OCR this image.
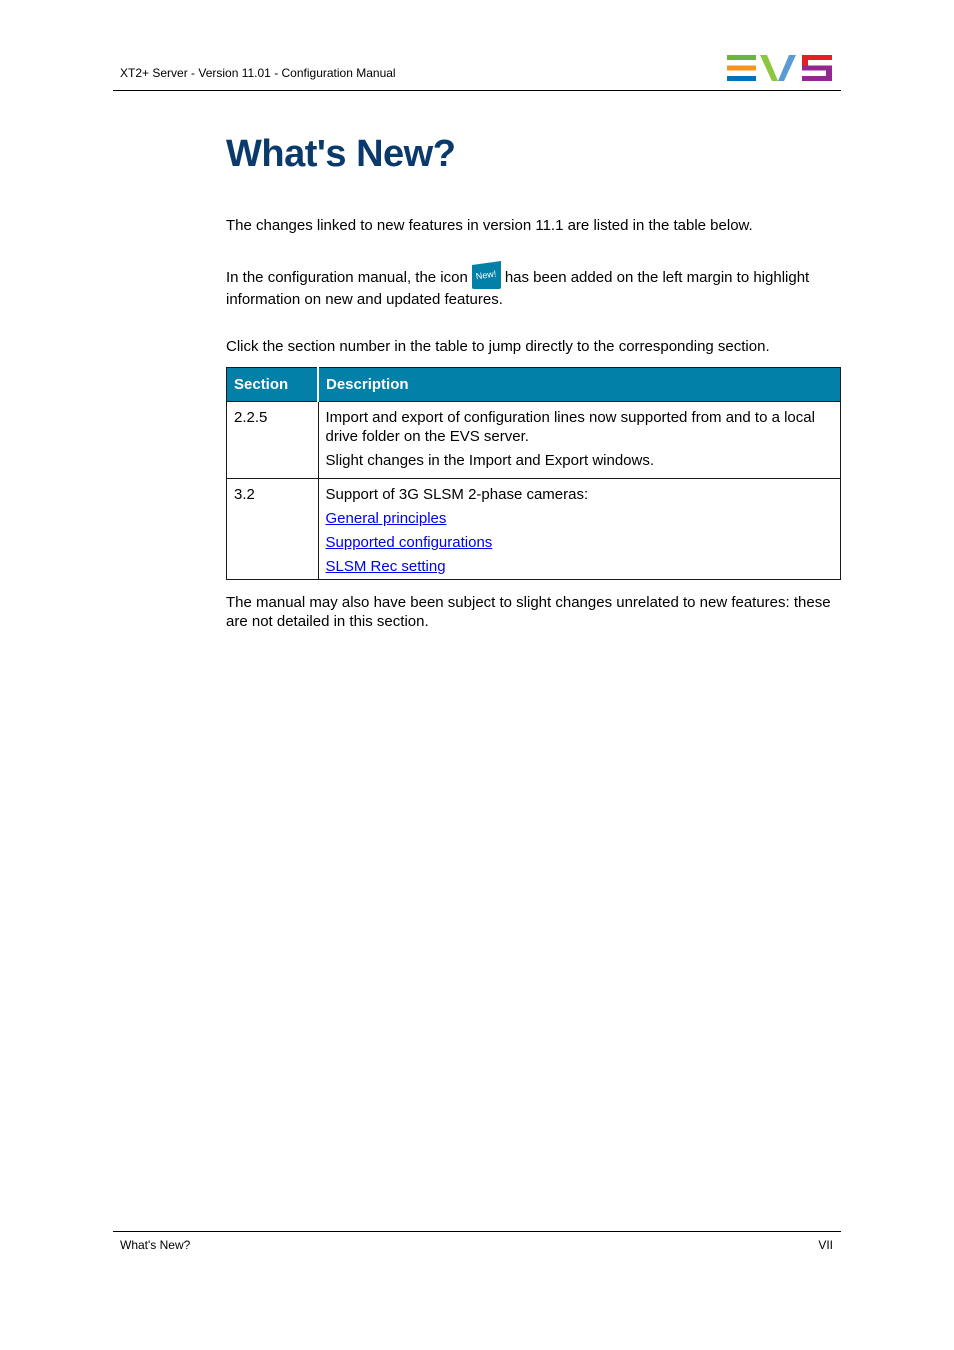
XT2+ Server - Version 11.01 - Configuration Manual
What's New?

The changes linked to new features in version 11.1 are listed in the table below.

In the configuration manual, the icon New! has been added on the left margin to highlight information on new and updated features.

Click the section number in the table to jump directly to the corresponding section.

Section	Description
2.2.5	Import and export of configuration lines now supported from and to a local drive folder on the EVS server.
Slight changes in the Import and Export windows.

3.2	Support of 3G SLSM 2-phase cameras:
General principles
Supported configurations
SLSM Rec setting

The manual may also have been subject to slight changes unrelated to new features: these are not detailed in this section.

What's New?	VII
